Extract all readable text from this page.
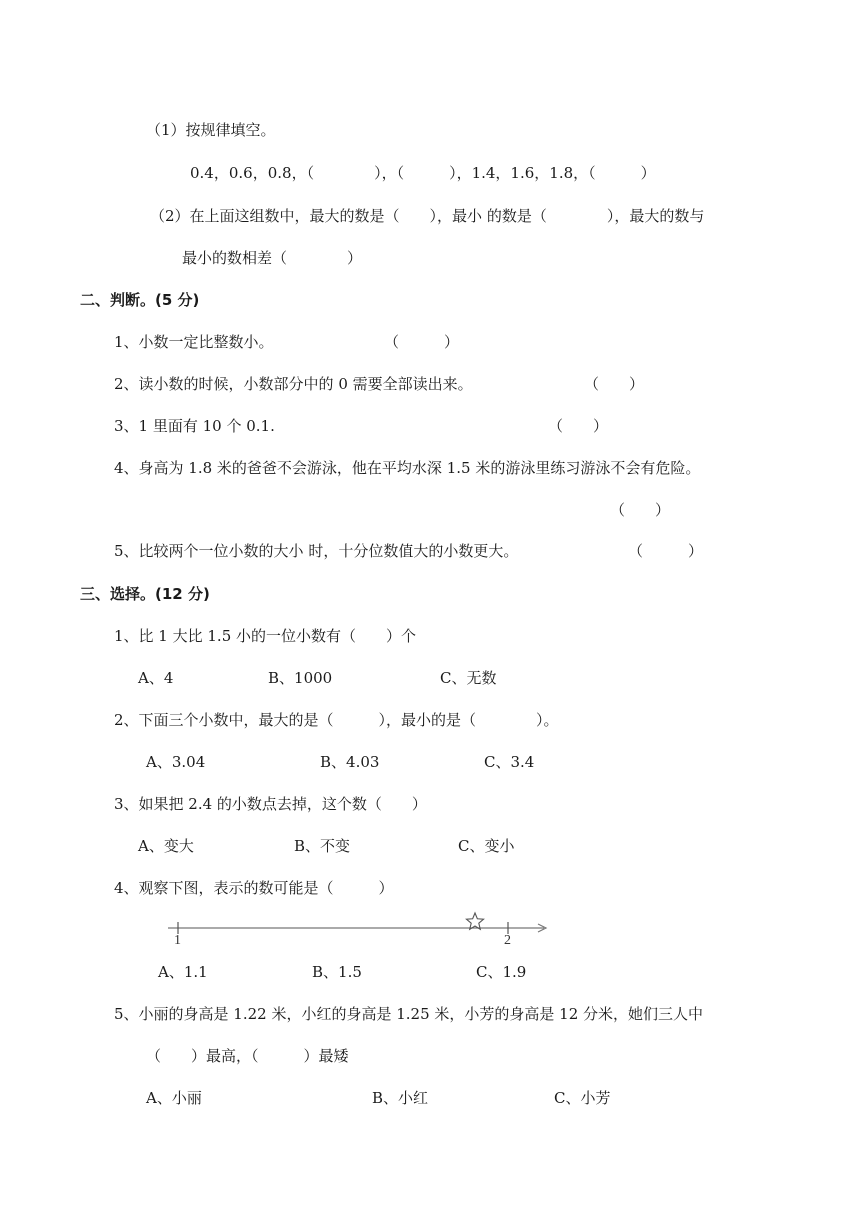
（1）按规律填空。
0.4，0.6，0.8，（　　　　），（　　　），1.4，1.6，1.8，（　　　）
（2）在上面这组数中，最大的数是（　　），最小 的数是（　　　　），最大的数与
最小的数相差（　　　　）
二、判断。(5 分)
1、小数一定比整数小。	（　　　）
2、读小数的时候，小数部分中的 0 需要全部读出来。	（　　）
3、1 里面有 10 个 0.1.	（　　）
4、身高为 1.8 米的爸爸不会游泳，他在平均水深 1.5 米的游泳里练习游泳不会有危险。
（　　）
5、比较两个一位小数的大小 时，十分位数值大的小数更大。	（　　　）
三、选择。(12 分)
1、比 1 大比 1.5 小的一位小数有（　　）个
A、4	B、1000	C、无数
2、下面三个小数中，最大的是（　　　），最小的是（　　　　）。
A、3.04	B、4.03	C、3.4
3、如果把 2.4 的小数点去掉，这个数（　　）
A、变大	B、不变	C、变小
4、观察下图，表示的数可能是（　　　）
1	2
A、1.1	B、1.5	C、1.9
5、小丽的身高是 1.22 米，小红的身高是 1.25 米，小芳的身高是 12 分米，她们三人中
（　　）最高，（　　　）最矮
A、小丽	B、小红	C、小芳
